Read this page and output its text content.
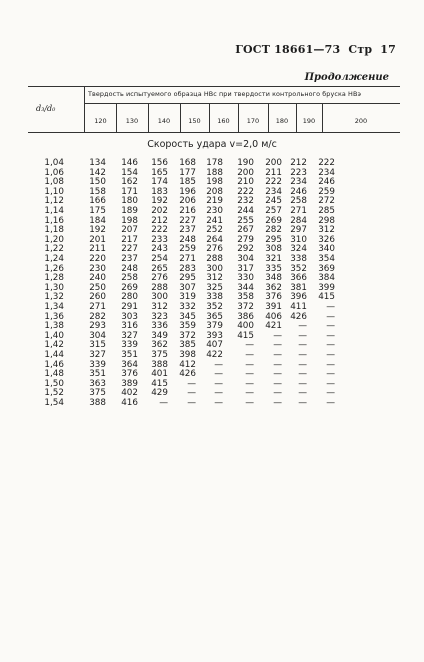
ГОСТ 18661—73 Стр 17
Продолжение
d₃/d₀
Твердость испытуемого образца HBс при твердости контрольного бруска HBэ
120	130	140	150	160	170	180	190	200
Скорость удара v=2,0 м/с
1,04	134	146	156	168	178	190	200 212	222
1,06	142	154	165	177	188	200	211 223	234
1,08	150	162	174	185	198	210	222 234	246
1,10	158	171	183	196	208	222	234 246	259
1,12	166	180	192	206	219	232	245 258	272
1,14	175	189	202	216	230	244	257 271	285
1,16	184	198	212	227	241	255	269 284	298
1,18	192	207	222	237	252	267	282 297	312
1,20	201	217	233	248	264	279	295 310	326
1,22	211	227	243	259	276	292	308 324	340
1,24	220	237	254	271	288	304	321 338	354
1,26	230	248	265	283	300	317	335 352	369
1,28	240	258	276	295	312	330	348 366	384
1,30	250	269	288	307	325	344	362 381	399
1,32	260	280	300	319	338	358	376 396	415
1,34	271	291	312	332	352	372	391 411	—
1,36	282	303	323	345	365	386	406 426	—
1,38	293	316	336	359	379	400	421	—	—
1,40	304	327	349	372	393	415	—	—	—
1,42	315	339	362	385	407	—	—	—	—
1,44	327	351	375	398	422	—	—	—	—
1,46	339	364	388	412	—	—	—	—	—
1,48	351	376	401	426	—	—	—	—	—
1,50	363	389	415	—	—	—	—	—	—
1,52	375	402	429	—	—	—	—	—	—
1,54	388	416	—	—	—	—	—	—	—
